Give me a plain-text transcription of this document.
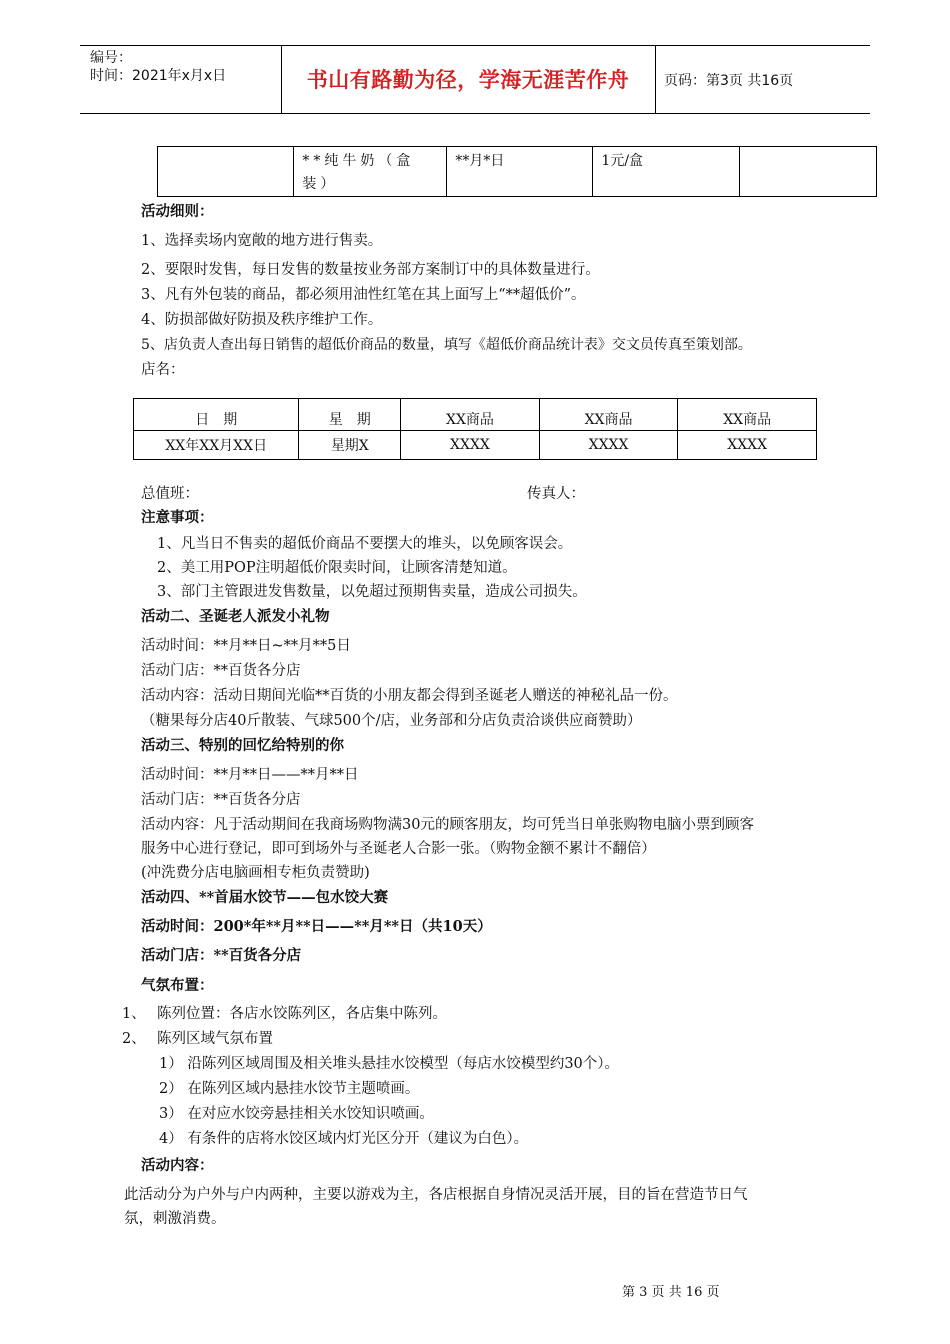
编号：
时间：2021年x月x日	书山有路勤为径，学海无涯苦作舟	页码：第3页 共16页
	**纯牛奶（盒装）	**月*日	1元/盒	
活动细则：
1、选择卖场内宽敞的地方进行售卖。
2、要限时发售，每日发售的数量按业务部方案制订中的具体数量进行。
3、凡有外包装的商品，都必须用油性红笔在其上面写上“**超低价”。
4、防损部做好防损及秩序维护工作。
5、店负责人查出每日销售的超低价商品的数量，填写《超低价商品统计表》交文员传真至策划部。
店名：
日　期	星　期	XX商品	XX商品	XX商品
XX年XX月XX日	星期X	XXXX	XXXX	XXXX
总值班：	传真人：
注意事项：
1、凡当日不售卖的超低价商品不要摆大的堆头，以免顾客误会。
2、美工用POP注明超低价限卖时间，让顾客清楚知道。
3、部门主管跟进发售数量，以免超过预期售卖量，造成公司损失。
活动二、圣诞老人派发小礼物
活动时间：**月**日~**月**5日
活动门店：**百货各分店
活动内容：活动日期间光临**百货的小朋友都会得到圣诞老人赠送的神秘礼品一份。
（糖果每分店40斤散装、气球500个/店，业务部和分店负责洽谈供应商赞助）
活动三、特别的回忆给特别的你
活动时间：**月**日——**月**日
活动门店：**百货各分店
活动内容：凡于活动期间在我商场购物满30元的顾客朋友，均可凭当日单张购物电脑小票到顾客
服务中心进行登记，即可到场外与圣诞老人合影一张。（购物金额不累计不翻倍）
(冲洗费分店电脑画相专柜负责赞助)
活动四、**首届水饺节——包水饺大赛
活动时间：200*年**月**日——**月**日（共10天）
活动门店：**百货各分店
气氛布置：
1、 陈列位置：各店水饺陈列区，各店集中陈列。
2、 陈列区域气氛布置
1） 沿陈列区域周围及相关堆头悬挂水饺模型（每店水饺模型约30个）。
2） 在陈列区域内悬挂水饺节主题喷画。
3） 在对应水饺旁悬挂相关水饺知识喷画。
4） 有条件的店将水饺区域内灯光区分开（建议为白色）。
活动内容：
此活动分为户外与户内两种，主要以游戏为主，各店根据自身情况灵活开展，目的旨在营造节日气
氛，刺激消费。
第 3 页 共 16 页
